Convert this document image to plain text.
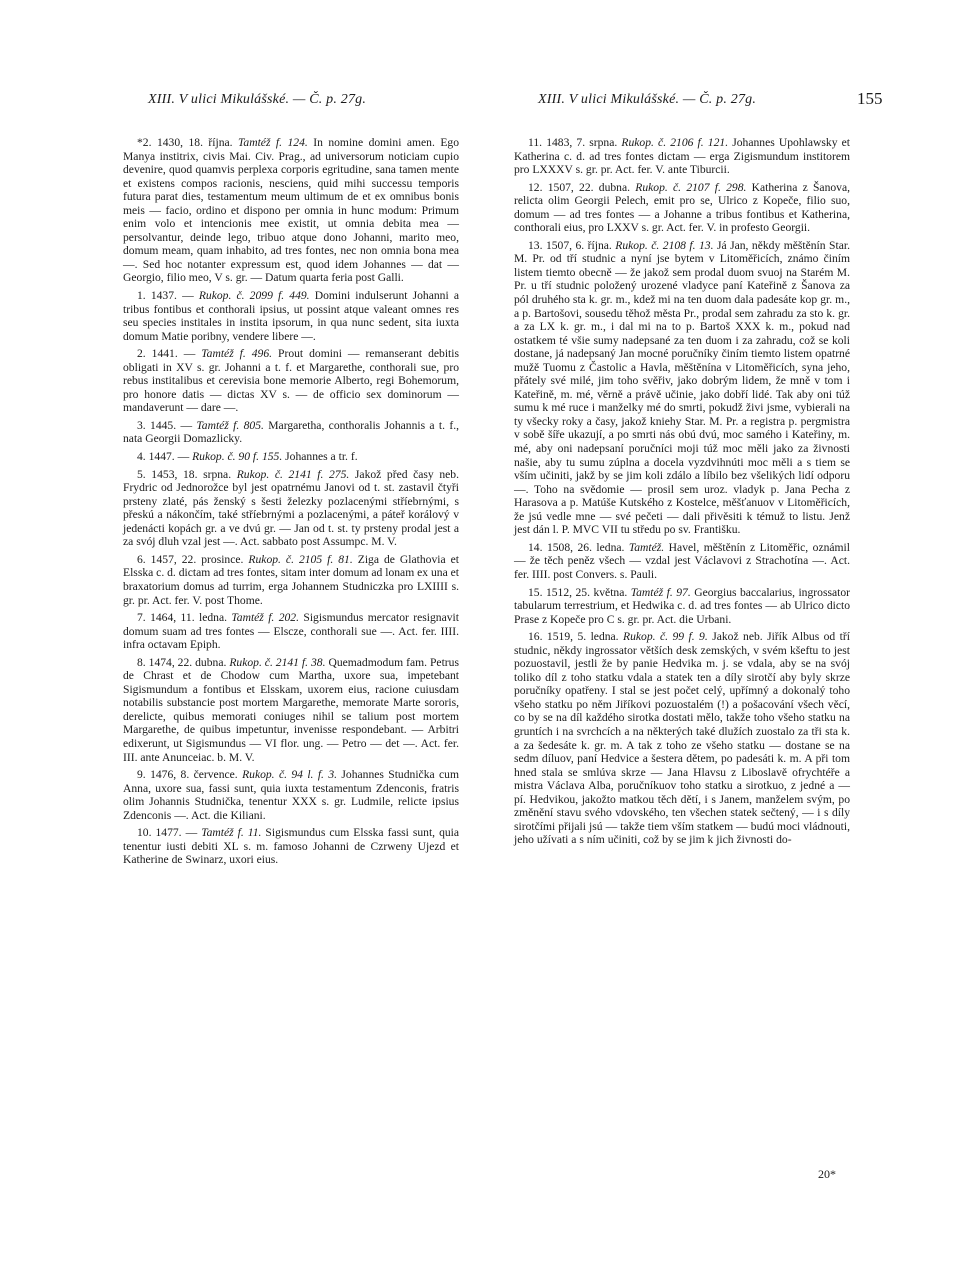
XIII. V ulici Mikulášské. — Č. p. 27g.	XIII. V ulici Mikulášské. — Č. p. 27g.	155

*2. 1430, 18. října. Tamtéž f. 124. In nomine domini amen. Ego Manya institrix, civis Mai. Civ. Prag., ad universorum noticiam cupio devenire, quod quamvis perplexa corporis egritudine, sana tamen mente et existens compos racionis, nesciens, quid mihi successu temporis futura parat dies, testamentum meum ultimum de et ex omnibus bonis meis — facio, ordino et dispono per omnia in hunc modum: Primum enim volo et intencionis mee existit, ut omnia debita mea — persolvantur, deinde lego, tribuo atque dono Johanni, marito meo, domum meam, quam inhabito, ad tres fontes, nec non omnia bona mea —. Sed hoc notanter expressum est, quod idem Johannes — dat — Georgio, filio meo, V s. gr. — Datum quarta feria post Galli.

1. 1437. — Rukop. č. 2099 f. 449. Domini indulserunt Johanni a tribus fontibus et conthorali ipsius, ut possint atque valeant omnes res seu species institales in instita ipsorum, in qua nunc sedent, sita iuxta domum Matie poribny, vendere libere —.

2. 1441. — Tamtéž f. 496. Prout domini — remanserant debitis obligati in XV s. gr. Johanni a t. f. et Margarethe, conthorali sue, pro rebus institalibus et cerevisia bone memorie Alberto, regi Bohemorum, pro honore datis — dictas XV s. — de officio sex dominorum — mandaverunt — dare —.

3. 1445. — Tamtéž f. 805. Margaretha, conthoralis Johannis a t. f., nata Georgii Domazlicky.

4. 1447. — Rukop. č. 90 f. 155. Johannes a tr. f.

5. 1453, 18. srpna. Rukop. č. 2141 f. 275. Jakož před časy neb. Frydric od Jednorožce byl jest opatrnému Janovi od t. st. zastavil čtyři prsteny zlaté, pás ženský s šesti železky pozlacenými stříebrnými, s přeskú a nákončím, také stříebrnými a pozlacenými, a páteř korálový v jedenácti kopách gr. a ve dvú gr. — Jan od t. st. ty prsteny prodal jest a za svój dluh vzal jest —. Act. sabbato post Assumpc. M. V.

6. 1457, 22. prosince. Rukop. č. 2105 f. 81. Ziga de Glathovia et Elsska c. d. dictam ad tres fontes, sitam inter domum ad lonam ex una et braxatorium domus ad turrim, erga Johannem Studniczka pro LXIIII s. gr. pr. Act. fer. V. post Thome.

7. 1464, 11. ledna. Tamtéž f. 202. Sigismundus mercator resignavit domum suam ad tres fontes — Elscze, conthorali sue —. Act. fer. IIII. infra octavam Epiph.

8. 1474, 22. dubna. Rukop. č. 2141 f. 38. Quemadmodum fam. Petrus de Chrast et de Chodow cum Martha, uxore sua, impetebant Sigismundum a fontibus et Elsskam, uxorem eius, racione cuiusdam notabilis substancie post mortem Margarethe, memorate Marte sororis, derelicte, quibus memorati coniuges nihil se talium post mortem Margarethe, de quibus impetuntur, invenisse respondebant. — Arbitri edixerunt, ut Sigismundus — VI flor. ung. — Petro — det —. Act. fer. III. ante Anunceiac. b. M. V.

9. 1476, 8. července. Rukop. č. 94 l. f. 3. Johannes Studnička cum Anna, uxore sua, fassi sunt, quia iuxta testamentum Zdenconis, fratris olim Johannis Studnička, tenentur XXX s. gr. Ludmile, relicte ipsius Zdenconis —. Act. die Kiliani.

10. 1477. — Tamtéž f. 11. Sigismundus cum Elsska fassi sunt, quia tenentur iusti debiti XL s. m. famoso Johanni de Czrweny Ujezd et Katherine de Swinarz, uxori eius.

11. 1483, 7. srpna. Rukop. č. 2106 f. 121. Johannes Upohlawsky et Katherina c. d. ad tres fontes dictam — erga Zigismundum institorem pro LXXXV s. gr. pr. Act. fer. V. ante Tiburcii.

12. 1507, 22. dubna. Rukop. č. 2107 f. 298. Katherina z Šanova, relicta olim Georgii Pelech, emit pro se, Ulrico z Kopeče, filio suo, domum — ad tres fontes — a Johanne a tribus fontibus et Katherina, conthorali eius, pro LXXV s. gr. Act. fer. V. in profesto Georgii.

13. 1507, 6. října. Rukop. č. 2108 f. 13. Já Jan, někdy měštěnín Star. M. Pr. od tří studnic a nyní jse bytem v Litoměřicích, známo činím listem tiemto obecně — že jakož sem prodal duom svuoj na Starém M. Pr. u tří studnic položený urozené vladyce paní Kateřině z Šanova za pól druhého sta k. gr. m., kdež mi na ten duom dala padesáte kop gr. m., a p. Bartošovi, sousedu těhož města Pr., prodal sem zahradu za sto k. gr. a za LX k. gr. m., i dal mi na to p. Bartoš XXX k. m., pokud nad ostatkem té všie sumy nadepsané za ten duom i za zahradu, což se koli dostane, já nadepsaný Jan mocné poručníky činím tiemto listem opatrné mužě Tuomu z Častolic a Havla, měštěnína v Litoměřicích, syna jeho, přátely své milé, jim toho svěřiv, jako dobrým lidem, že mně v tom i Kateřině, m. mé, věrně a právě učinie, jako dobří lidé. Tak aby oni túž sumu k mé ruce i manželky mé do smrti, pokudž živi jsme, vybierali na ty všecky roky a časy, jakož kniehy Star. M. Pr. a registra p. pergmistra v sobě šíře ukazují, a po smrti nás obú dvú, moc samého i Kateřiny, m. mé, aby oni nadepsaní poručníci moji túž moc měli jako za živnosti našie, aby tu sumu zúplna a docela vyzdvihnúti moc měli a s tiem se vším učiniti, jakž by se jim koli zdálo a líbilo bez všelikých lidí odporu —. Toho na svědomie — prosil sem uroz. vladyk p. Jana Pecha z Harasova a p. Matúše Kutského z Kostelce, měšťanuov v Litoměřicích, že jsú vedle mne — své pečeti — dali přivěsiti k témuž to listu. Jenž jest dán l. P. MVC VII tu středu po sv. Františku.

14. 1508, 26. ledna. Tamtéž. Havel, měštěnín z Litoměřic, oznámil — že těch peněz všech — vzdal jest Václavovi z Strachotína —. Act. fer. IIII. post Convers. s. Pauli.

15. 1512, 25. května. Tamtéž f. 97. Georgius baccalarius, ingrossator tabularum terrestrium, et Hedwika c. d. ad tres fontes — ab Ulrico dicto Prase z Kopeče pro C s. gr. pr. Act. die Urbani.

16. 1519, 5. ledna. Rukop. č. 99 f. 9. Jakož neb. Jiřík Albus od tří studnic, někdy ingrossator větších desk zemských, v svém kšeftu to jest pozuostavil, jestli že by panie Hedvika m. j. se vdala, aby se na svój toliko díl z toho statku vdala a statek ten a díly sirotčí aby byly skrze poručníky opatřeny. I stal se jest počet celý, upřímný a dokonalý toho všeho statku po něm Jiříkovi pozuostalém (!) a pošacování všech věcí, co by se na díl každého sirotka dostati mělo, takže toho všeho statku na gruntích i na svrchcích a na některých také dlužích zuostalo za tři sta k. a za šedesáte k. gr. m. A tak z toho ze všeho statku — dostane se na sedm díluov, paní Hedvice a šestera dětem, po padesáti k. m. A při tom hned stala se smlúva skrze — Jana Hlavsu z Liboslavě ofrychtéře a mistra Václava Alba, poručníkuov toho statku a sirotkuo, z jedné a — pí. Hedvikou, jakožto matkou těch dětí, i s Janem, manželem svým, po změnění stavu svého vdovského, ten všechen statek sečtený, — i s díly sirotčími přijali jsú — takže tiem vším statkem — budú moci vládnouti, jeho užívati a s ním učiniti, což by se jim k jich živnosti do-

20*
